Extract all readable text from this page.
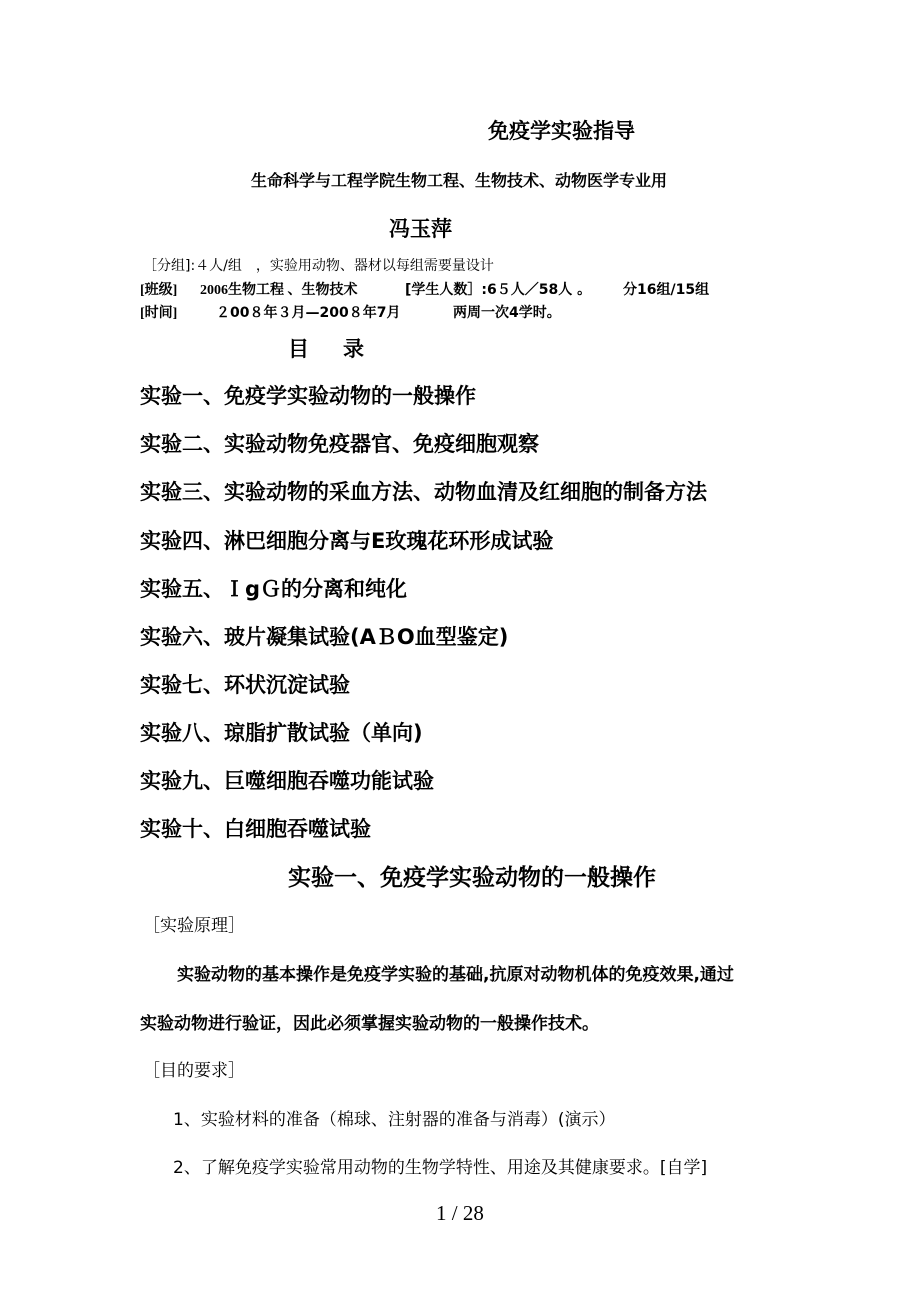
免疫学实验指导
生命科学与工程学院生物工程、生物技术、动物医学专业用
冯玉萍
［分组]:４人/组　，实验用动物、器材以每组需要量设计
[班级] 2006生物工程 、生物技术	[学生人数］:6５人／58人 。 分16组/15组
[时间]	２00８年３月—200８年7月	两周一次4学时。
目 录
实验一、免疫学实验动物的一般操作
实验二、实验动物免疫器官、免疫细胞观察
实验三、实验动物的采血方法、动物血清及红细胞的制备方法
实验四、淋巴细胞分离与E玫瑰花环形成试验
实验五、ＩgＧ的分离和纯化
实验六、玻片凝集试验(AＢO血型鉴定)
实验七、环状沉淀试验
实验八、琼脂扩散试验（单向)
实验九、巨噬细胞吞噬功能试验
实验十、白细胞吞噬试验
实验一、免疫学实验动物的一般操作
［实验原理］
实验动物的基本操作是免疫学实验的基础,抗原对动物机体的免疫效果,通过
实验动物进行验证，因此必须掌握实验动物的一般操作技术。
［目的要求］
1、实验材料的准备（棉球、注射器的准备与消毒）(演示）
2、了解免疫学实验常用动物的生物学特性、用途及其健康要求。[自学]
1 / 28
